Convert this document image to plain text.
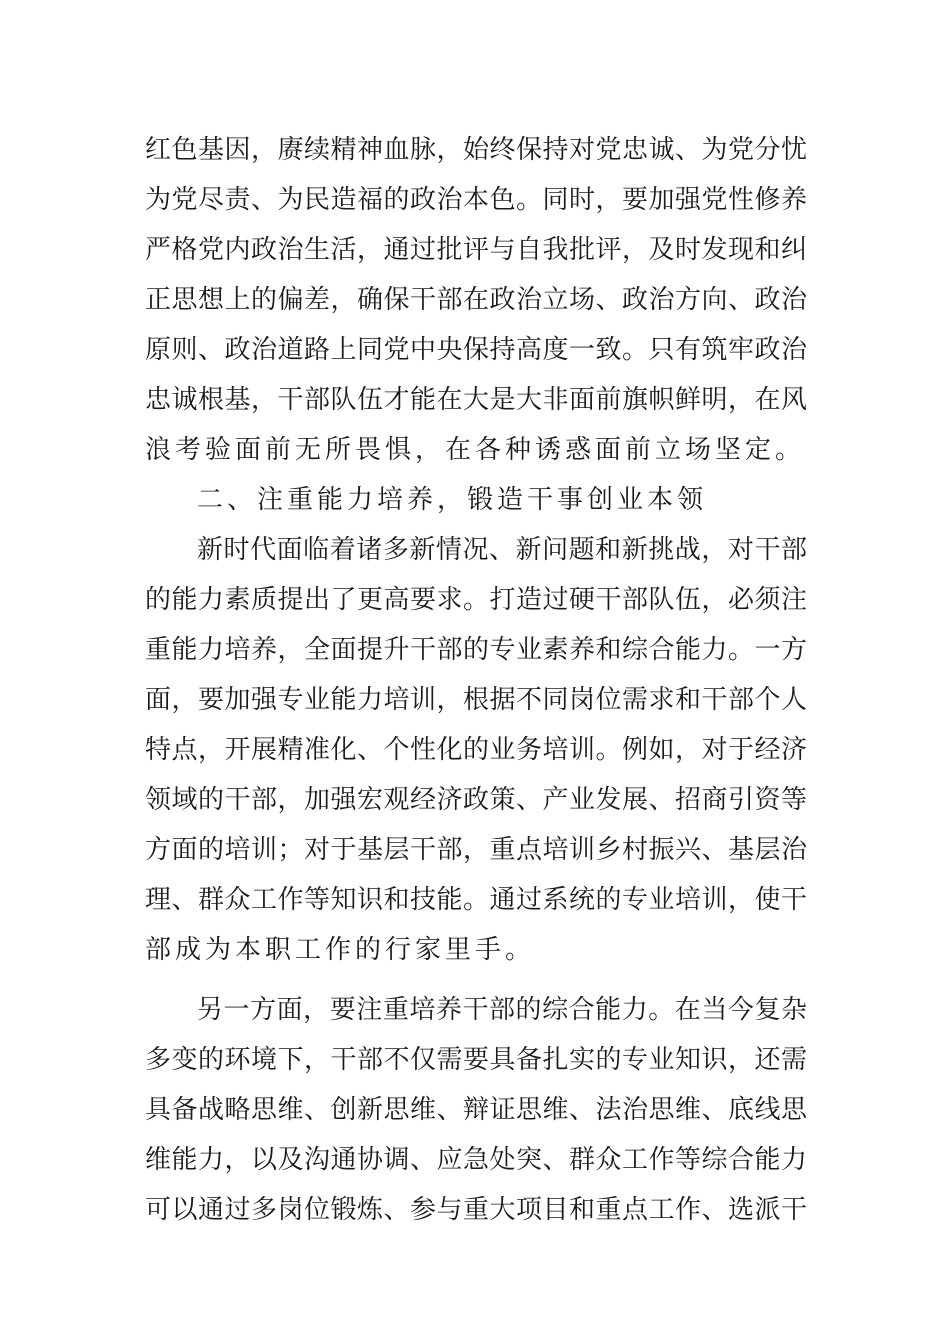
红色基因，赓续精神血脉，始终保持对党忠诚、为党分忧
为党尽责、为民造福的政治本色。同时，要加强党性修养
严格党内政治生活，通过批评与自我批评，及时发现和纠
正思想上的偏差，确保干部在政治立场、政治方向、政治
原则、政治道路上同党中央保持高度一致。只有筑牢政治
忠诚根基，干部队伍才能在大是大非面前旗帜鲜明，在风
浪考验面前无所畏惧，在各种诱惑面前立场坚定。
二、注重能力培养，锻造干事创业本领
新时代面临着诸多新情况、新问题和新挑战，对干部
的能力素质提出了更高要求。打造过硬干部队伍，必须注
重能力培养，全面提升干部的专业素养和综合能力。一方
面，要加强专业能力培训，根据不同岗位需求和干部个人
特点，开展精准化、个性化的业务培训。例如，对于经济
领域的干部，加强宏观经济政策、产业发展、招商引资等
方面的培训；对于基层干部，重点培训乡村振兴、基层治
理、群众工作等知识和技能。通过系统的专业培训，使干
部成为本职工作的行家里手。
另一方面，要注重培养干部的综合能力。在当今复杂
多变的环境下，干部不仅需要具备扎实的专业知识，还需
具备战略思维、创新思维、辩证思维、法治思维、底线思
维能力，以及沟通协调、应急处突、群众工作等综合能力
可以通过多岗位锻炼、参与重大项目和重点工作、选派干
